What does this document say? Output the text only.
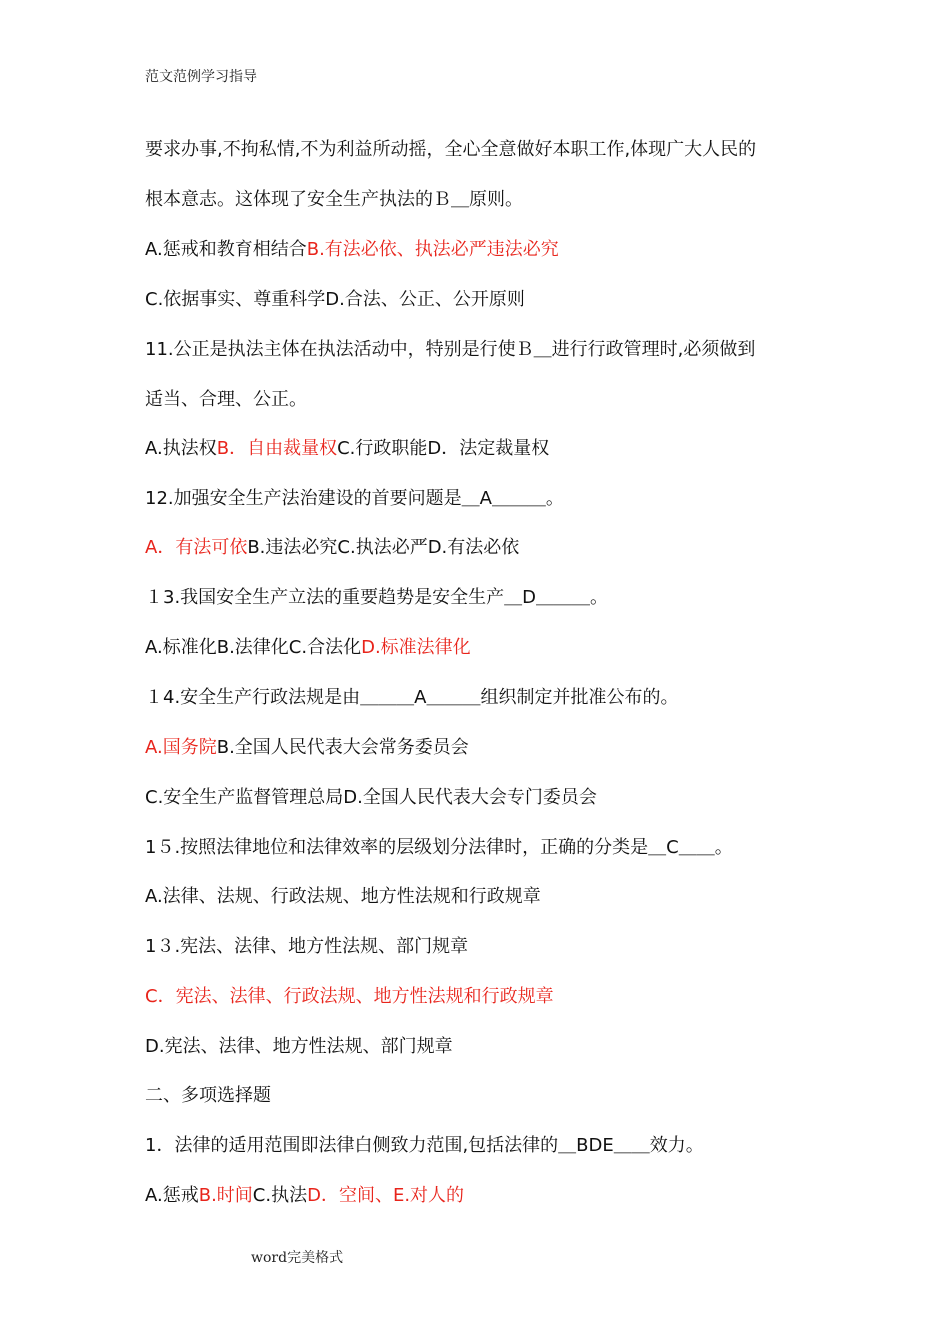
范文范例学习指导
要求办事,不拘私情,不为利益所动摇，全心全意做好本职工作,体现广大人民的
根本意志。这体现了安全生产执法的Ｂ＿原则。
A.惩戒和教育相结合B.有法必依、执法必严违法必究
C.依据事实、尊重科学D.合法、公正、公开原则
11.公正是执法主体在执法活动中，特别是行使Ｂ＿进行行政管理时,必须做到
适当、合理、公正。
A.执法权B．自由裁量权C.行政职能D．法定裁量权
12.加强安全生产法治建设的首要问题是＿A＿＿＿。
A．有法可依B.违法必究C.执法必严D.有法必依
１3.我国安全生产立法的重要趋势是安全生产＿D＿＿＿。
A.标准化B.法律化C.合法化D.标准法律化
１4.安全生产行政法规是由＿＿＿A＿＿＿组织制定并批准公布的。
A.国务院B.全国人民代表大会常务委员会
C.安全生产监督管理总局D.全国人民代表大会专门委员会
1５.按照法律地位和法律效率的层级划分法律时，正确的分类是＿C＿＿。
A.法律、法规、行政法规、地方性法规和行政规章
1３.宪法、法律、地方性法规、部门规章
C．宪法、法律、行政法规、地方性法规和行政规章
D.宪法、法律、地方性法规、部门规章
二、多项选择题
1．法律的适用范围即法律白侧致力范围,包括法律的＿BDE＿＿效力。
A.惩戒B.时间C.执法D．空间、E.对人的
word完美格式
